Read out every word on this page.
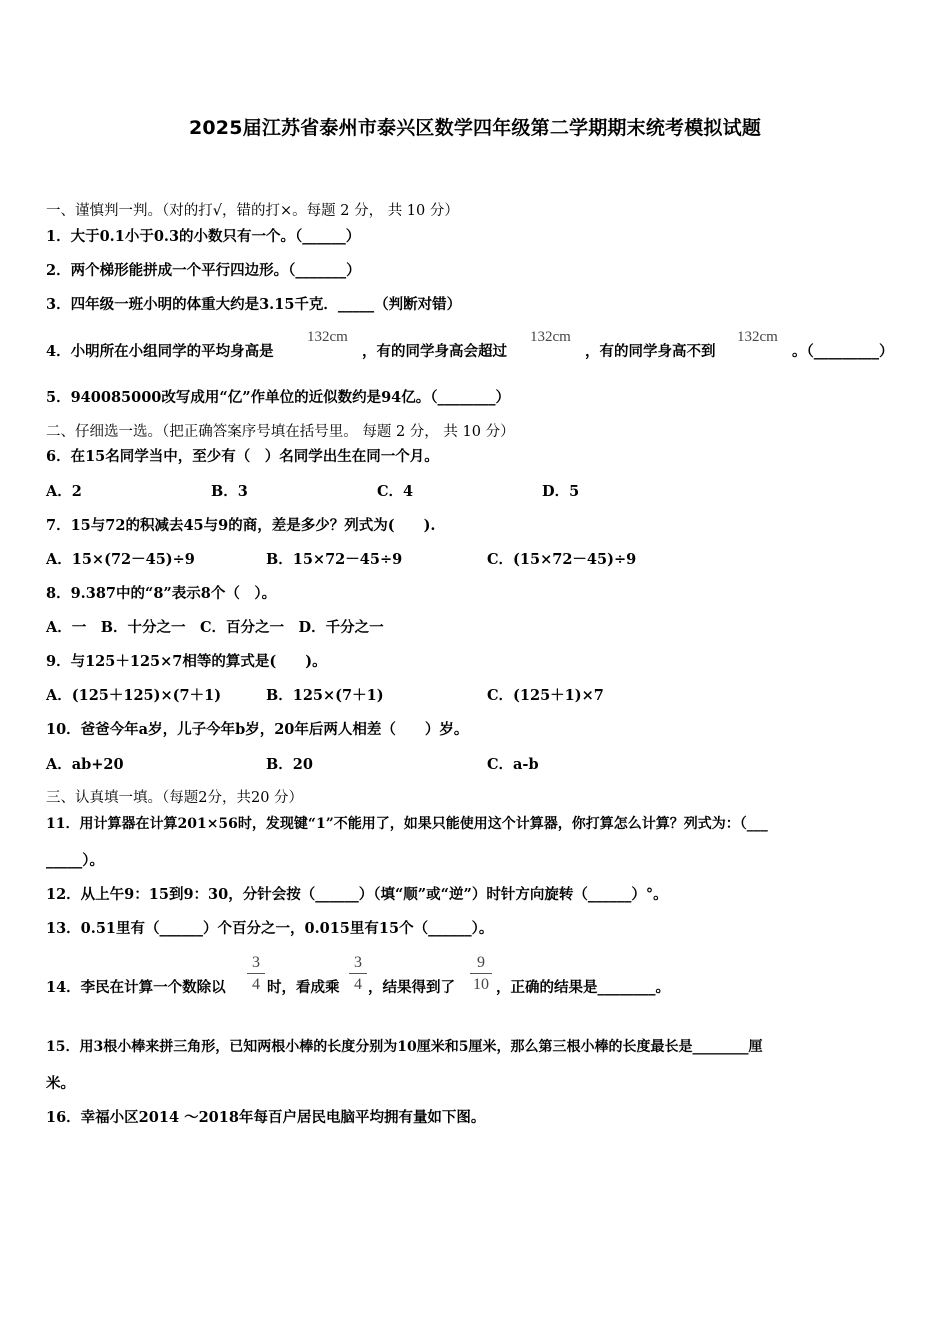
2025届江苏省泰州市泰兴区数学四年级第二学期期末统考模拟试题
一、谨慎判一判。（对的打√，错的打×。每题 2 分， 共 10 分）
1．大于0.1小于0.3的小数只有一个。（______）
2．两个梯形能拼成一个平行四边形。（_______）
3．四年级一班小明的体重大约是3.15千克．_____（判断对错）
4．小明所在小组同学的平均身高是
132cm
，有的同学身高会超过
132cm
，有的同学身高不到
132cm
。（_________）
5．940085000改写成用“亿”作单位的近似数约是94亿。（________）
二、仔细选一选。（把正确答案序号填在括号里。 每题 2 分， 共 10 分）
6．在15名同学当中，至少有（　）名同学出生在同一个月。
A．2	B．3	C．4	D．5
7．15与72的积减去45与9的商，差是多少？列式为(　　).
A．15×(72－45)÷9	B．15×72－45÷9	C．(15×72－45)÷9
8．9.387中的“8”表示8个（　）。
A．一　B．十分之一　C．百分之一　D．千分之一
9．与125＋125×7相等的算式是(　　)。
A．(125＋125)×(7＋1)	B．125×(7＋1)	C．(125＋1)×7
10．爸爸今年a岁，儿子今年b岁，20年后两人相差（　　）岁。
A．ab+20	B．20	C．a-b
三、认真填一填。（每题2分，共20 分）
11．用计算器在计算201×56时，发现键“1”不能用了，如果只能使用这个计算器，你打算怎么计算？列式为：（___
_____）。
12．从上午9：15到9：30，分针会按（______）（填“顺”或“逆”）时针方向旋转（______）°。
13．0.51里有（______）个百分之一，0.015里有15个（______）。
14．李民在计算一个数除以
3
4 时，看成乘
3
4 ，结果得到了
9
10 ，正确的结果是________。
15．用3根小棒来拼三角形，已知两根小棒的长度分别为10厘米和5厘米，那么第三根小棒的长度最长是________厘
米。
16．幸福小区2014 ～2018年每百户居民电脑平均拥有量如下图。
